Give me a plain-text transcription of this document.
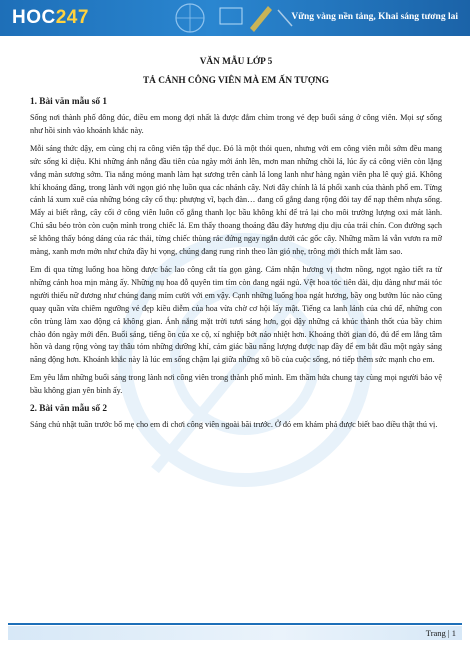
HOC247	Vững vàng nền tảng, Khai sáng tương lai

VĂN MẪU LỚP 5

TẢ CẢNH CÔNG VIÊN MÀ EM ẤN TƯỢNG

1. Bài văn mẫu số 1

Sống nơi thành phố đông đúc, điều em mong đợi nhất là được đắm chìm trong vẻ đẹp buổi sáng ở công viên. Mọi sự sống như hồi sinh vào khoảnh khắc này.

Mỗi sáng thức dậy, em cùng chị ra công viên tập thể dục. Đó là một thói quen, nhưng với em công viên mỗi sớm đều mang sức sống kì diệu. Khi những ánh nắng đầu tiên của ngày mới ánh lên, mơn man những chồi lá, lúc ấy cả công viên còn lặng vắng màn sương sớm. Tia nắng mỏng manh làm hạt sương trên cành lá long lanh như hàng ngàn viên pha lê quý giá. Không khí khoáng đãng, trong lành với ngọn gió nhẹ luồn qua các nhánh cây. Nơi đây chính là lá phổi xanh của thành phố em. Từng cánh lá xum xuê của những bóng cây cổ thụ: phượng vĩ, bạch đàn… đang cố gắng dang rộng đôi tay để nạp thêm nhựa sống. Mấy ai biết rằng, cây cối ở công viên luôn cố gắng thanh lọc bầu không khí để trả lại cho môi trường lượng oxi mát lành. Chú sâu béo tròn còn cuộn mình trong chiếc lá. Em thấy thoang thoảng đâu đây hương dịu dịu của trái chín. Con đường sạch sẽ không thấy bóng dáng của rác thải, từng chiếc thùng rác đứng ngay ngắn dưới các gốc cây. Những mầm lá vẫn vươn ra mỡ màng, xanh mơn mởn như chứa đầy hi vọng, chúng đang rung rinh theo làn gió nhẹ, trông mới thích mắt làm sao.

Em đi qua từng luống hoa hồng được bác lao công cắt tỉa gọn gàng. Cảm nhận hương vị thơm nồng, ngọt ngào tiết ra từ những cánh hoa mịn màng ấy. Những nụ hoa đỗ quyên tim tím còn đang ngái ngủ. Vệt hoa tóc tiên dài, dịu dàng như mái tóc người thiếu nữ đương như chúng đang mỉm cười với em vậy. Cạnh những luống hoa ngát hương, bầy ong bướm lúc nào cũng quay quần vừa chiêm ngưỡng vẻ đẹp kiều diễm của hoa vừa chờ cơ hội lấy mật. Tiếng ca lanh lảnh của chú dế, những con côn trùng làm xao động cả không gian. Ánh nắng mặt trời tươi sáng hơn, gọi dậy những cả khúc thành thốt của bầy chim chào đón ngày mới đến. Buổi sáng, tiếng ồn của xe cộ, xí nghiệp bớt náo nhiệt hơn. Khoảng thời gian đó, đủ để em lắng tâm hồn và dang rộng vòng tay thâu tóm những dưỡng khí, cảm giác bầu năng lượng được nạp đầy để em bắt đầu một ngày sảng năng động hơn. Khoảnh khắc này là lúc em sống chậm lại giữa những xô bồ của cuộc sống, nó tiếp thêm sức mạnh cho em.

Em yêu lắm những buổi sáng trong lành nơi công viên trong thành phố mình. Em thầm hứa chung tay cùng mọi người bảo vệ bầu không gian yên bình ấy.

2. Bài văn mẫu số 2

Sáng chủ nhật tuần trước bố mẹ cho em đi chơi công viên ngoài bãi trước. Ở đó em khám phá được biết bao điều thật thú vị.

Trang | 1
